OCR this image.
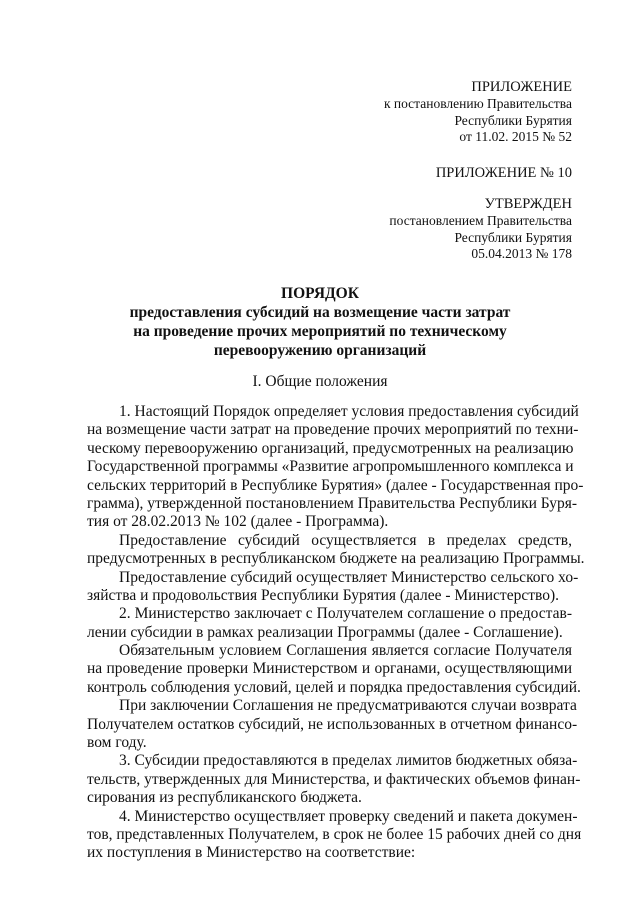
ПРИЛОЖЕНИЕ
к постановлению Правительства
Республики Бурятия
от 11.02. 2015 № 52
ПРИЛОЖЕНИЕ № 10
УТВЕРЖДЕН
постановлением Правительства
Республики Бурятия
05.04.2013 № 178
ПОРЯДОК
предоставления субсидий на возмещение части затрат
на проведение прочих мероприятий по техническому
перевооружению организаций
I. Общие положения
1. Настоящий Порядок определяет условия предоставления субсидий
на возмещение части затрат на проведение прочих мероприятий по техни-
ческому перевооружению организаций, предусмотренных на реализацию
Государственной программы «Развитие агропромышленного комплекса и
сельских территорий в Республике Бурятия» (далее - Государственная про-
грамма), утвержденной постановлением Правительства Республики Буря-
тия от 28.02.2013 № 102 (далее - Программа).
Предоставление субсидий осуществляется в пределах средств,
предусмотренных в республиканском бюджете на реализацию Программы.
Предоставление субсидий осуществляет Министерство сельского хо-
зяйства и продовольствия Республики Бурятия (далее - Министерство).
2. Министерство заключает с Получателем соглашение о предостав-
лении субсидии в рамках реализации Программы (далее - Соглашение).
Обязательным условием Соглашения является согласие Получателя
на проведение проверки Министерством и органами, осуществляющими
контроль соблюдения условий, целей и порядка предоставления субсидий.
При заключении Соглашения не предусматриваются случаи возврата
Получателем остатков субсидий, не использованных в отчетном финансо-
вом году.
3. Субсидии предоставляются в пределах лимитов бюджетных обяза-
тельств, утвержденных для Министерства, и фактических объемов финан-
сирования из республиканского бюджета.
4. Министерство осуществляет проверку сведений и пакета докумен-
тов, представленных Получателем, в срок не более 15 рабочих дней со дня
их поступления в Министерство на соответствие:
